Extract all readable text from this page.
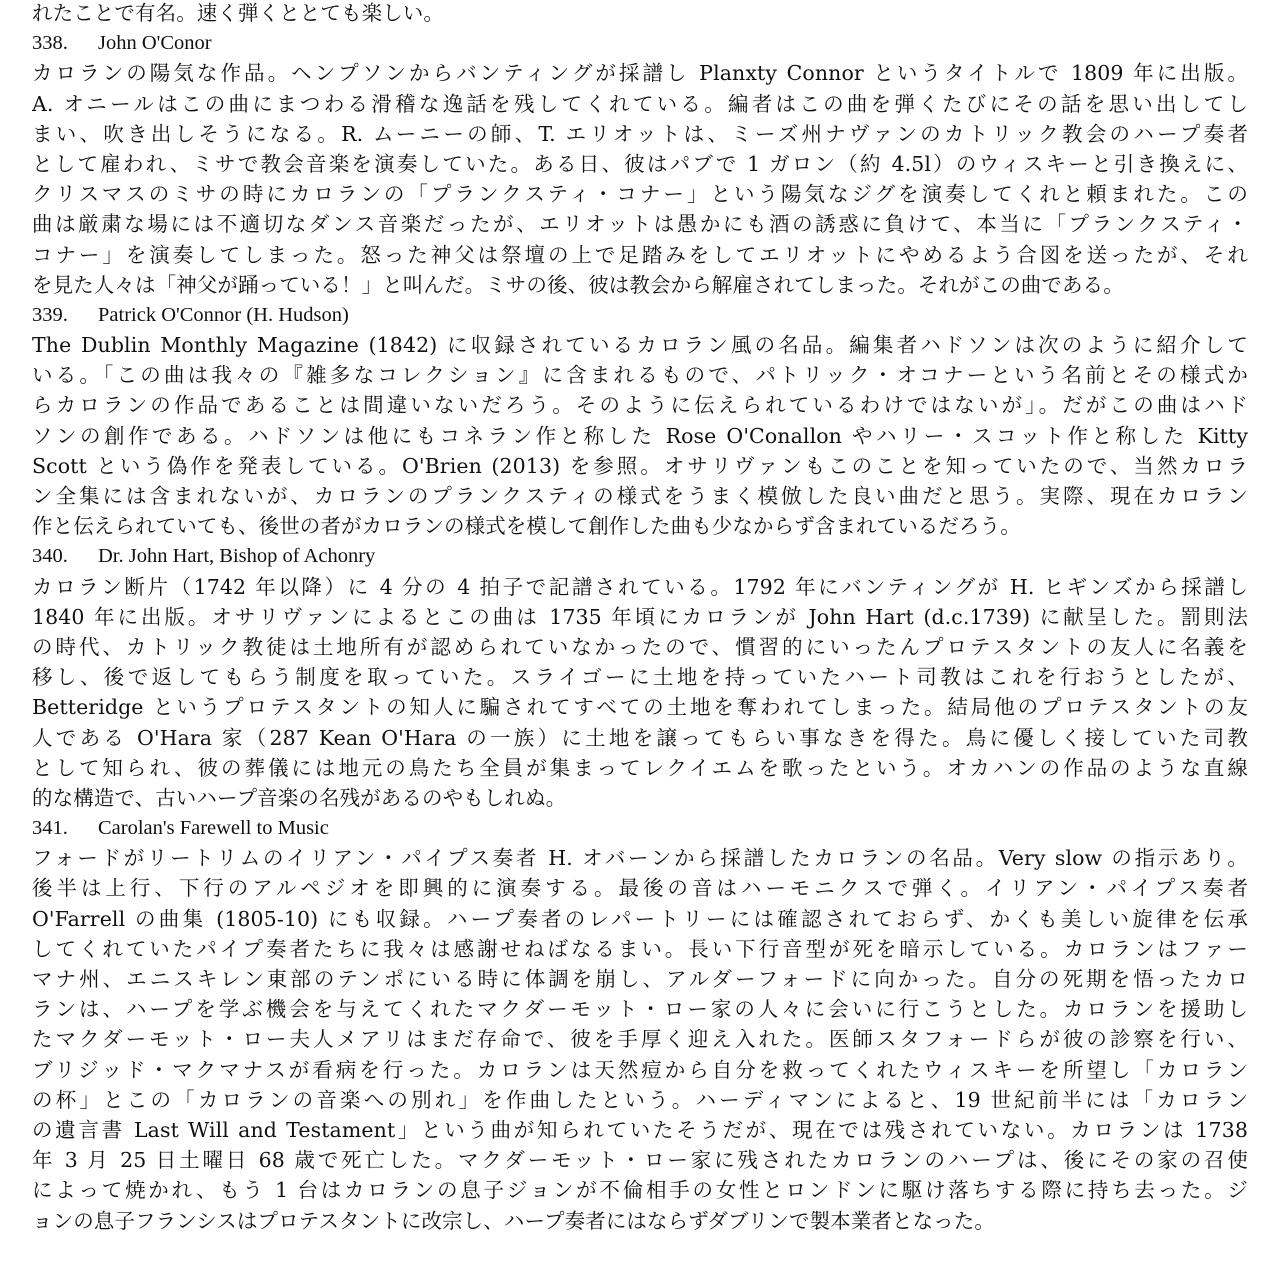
れたことで有名。速く弾くととても楽しい。
338. John O'Conor
カロランの陽気な作品。ヘンプソンからバンティングが採譜し Planxty Connor というタイトルで 1809 年に出版。
A. オニールはこの曲にまつわる滑稽な逸話を残してくれている。編者はこの曲を弾くたびにその話を思い出してし
まい、吹き出しそうになる。R. ムーニーの師、T. エリオットは、ミーズ州ナヴァンのカトリック教会のハープ奏者
として雇われ、ミサで教会音楽を演奏していた。ある日、彼はパブで 1 ガロン（約 4.5l）のウィスキーと引き換えに、
クリスマスのミサの時にカロランの「プランクスティ・コナー」という陽気なジグを演奏してくれと頼まれた。この
曲は厳粛な場には不適切なダンス音楽だったが、エリオットは愚かにも酒の誘惑に負けて、本当に「プランクスティ・
コナー」を演奏してしまった。怒った神父は祭壇の上で足踏みをしてエリオットにやめるよう合図を送ったが、それ
を見た人々は「神父が踊っている！」と叫んだ。ミサの後、彼は教会から解雇されてしまった。それがこの曲である。
339. Patrick O'Connor (H. Hudson)
The Dublin Monthly Magazine (1842) に収録されているカロラン風の名品。編集者ハドソンは次のように紹介して
いる。「この曲は我々の『雑多なコレクション』に含まれるもので、パトリック・オコナーという名前とその様式か
らカロランの作品であることは間違いないだろう。そのように伝えられているわけではないが」。だがこの曲はハド
ソンの創作である。ハドソンは他にもコネラン作と称した Rose O'Conallon やハリー・スコット作と称した Kitty
Scott という偽作を発表している。O'Brien (2013) を参照。オサリヴァンもこのことを知っていたので、当然カロラ
ン全集には含まれないが、カロランのプランクスティの様式をうまく模倣した良い曲だと思う。実際、現在カロラン
作と伝えられていても、後世の者がカロランの様式を模して創作した曲も少なからず含まれているだろう。
340. Dr. John Hart, Bishop of Achonry
カロラン断片（1742 年以降）に 4 分の 4 拍子で記譜されている。1792 年にバンティングが H. ヒギンズから採譜し
1840 年に出版。オサリヴァンによるとこの曲は 1735 年頃にカロランが John Hart (d.c.1739) に献呈した。罰則法
の時代、カトリック教徒は土地所有が認められていなかったので、慣習的にいったんプロテスタントの友人に名義を
移し、後で返してもらう制度を取っていた。スライゴーに土地を持っていたハート司教はこれを行おうとしたが、
Betteridge というプロテスタントの知人に騙されてすべての土地を奪われてしまった。結局他のプロテスタントの友
人である O'Hara 家（287 Kean O'Hara の一族）に土地を譲ってもらい事なきを得た。鳥に優しく接していた司教
として知られ、彼の葬儀には地元の鳥たち全員が集まってレクイエムを歌ったという。オカハンの作品のような直線
的な構造で、古いハープ音楽の名残があるのやもしれぬ。
341. Carolan's Farewell to Music
フォードがリートリムのイリアン・パイプス奏者 H. オバーンから採譜したカロランの名品。Very slow の指示あり。
後半は上行、下行のアルペジオを即興的に演奏する。最後の音はハーモニクスで弾く。イリアン・パイプス奏者
O'Farrell の曲集 (1805-10) にも収録。ハープ奏者のレパートリーには確認されておらず、かくも美しい旋律を伝承
してくれていたパイプ奏者たちに我々は感謝せねばなるまい。長い下行音型が死を暗示している。カロランはファー
マナ州、エニスキレン東部のテンポにいる時に体調を崩し、アルダーフォードに向かった。自分の死期を悟ったカロ
ランは、ハープを学ぶ機会を与えてくれたマクダーモット・ロー家の人々に会いに行こうとした。カロランを援助し
たマクダーモット・ロー夫人メアリはまだ存命で、彼を手厚く迎え入れた。医師スタフォードらが彼の診察を行い、
ブリジッド・マクマナスが看病を行った。カロランは天然痘から自分を救ってくれたウィスキーを所望し「カロラン
の杯」とこの「カロランの音楽への別れ」を作曲したという。ハーディマンによると、19 世紀前半には「カロラン
の遺言書 Last Will and Testament」という曲が知られていたそうだが、現在では残されていない。カロランは 1738
年 3 月 25 日土曜日 68 歳で死亡した。マクダーモット・ロー家に残されたカロランのハープは、後にその家の召使
によって焼かれ、もう 1 台はカロランの息子ジョンが不倫相手の女性とロンドンに駆け落ちする際に持ち去った。ジ
ョンの息子フランシスはプロテスタントに改宗し、ハープ奏者にはならずダブリンで製本業者となった。
